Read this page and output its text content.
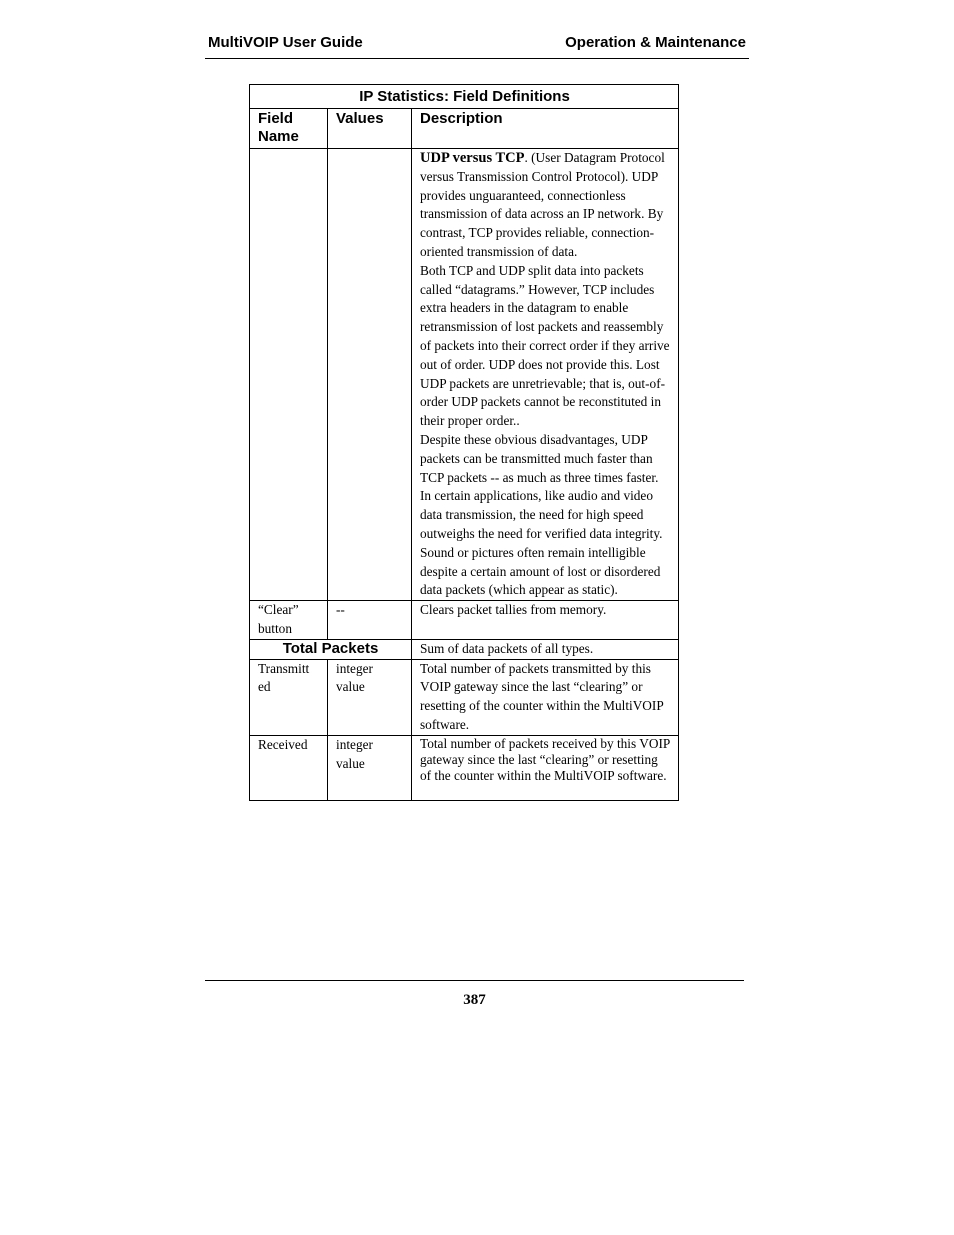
MultiVOIP User Guide	Operation & Maintenance
IP Statistics: Field Definitions		
Field Name	Values	Description

		UDP versus TCP. (User Datagram Protocol versus Transmission Control Protocol). UDP provides unguaranteed, connectionless transmission of data across an IP network. By contrast, TCP provides reliable, connection-oriented transmission of data.

Both TCP and UDP split data into packets called “datagrams.” However, TCP includes extra headers in the datagram to enable retransmission of lost packets and reassembly of packets into their correct order if they arrive out of order. UDP does not provide this. Lost UDP packets are unretrievable; that is, out-of-order UDP packets cannot be reconstituted in their proper order..

Despite these obvious disadvantages, UDP packets can be transmitted much faster than TCP packets -- as much as three times faster. In certain applications, like audio and video data transmission, the need for high speed outweighs the need for verified data integrity. Sound or pictures often remain intelligible despite a certain amount of lost or disordered data packets (which appear as static).

“Clear” button	--	Clears packet tallies from memory.
Total Packets		Sum of data packets of all types.
Transmitt ed	integer value	Total number of packets transmitted by this VOIP gateway since the last “clearing” or resetting of the counter within the MultiVOIP software.
Received	integer value	Total number of packets received by this VOIP gateway since the last “clearing” or resetting of the counter within the MultiVOIP software.
387
